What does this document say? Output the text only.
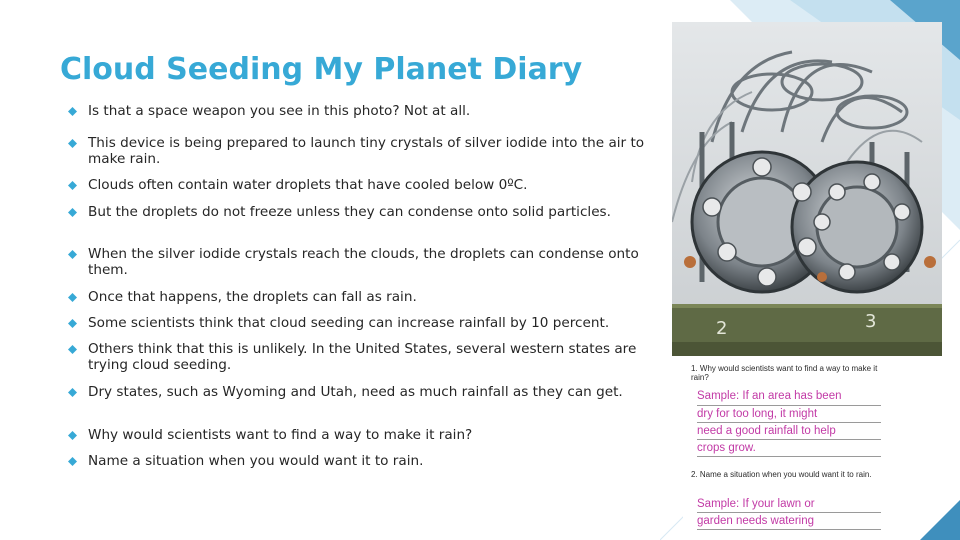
Cloud Seeding My Planet Diary
Is that a space weapon you see in this photo? Not at all.
This device is being prepared to launch tiny crystals of silver iodide into the air to make rain.
Clouds often contain water droplets that have cooled below 0ºC.
But the droplets do not freeze unless they can condense onto solid particles.
When the silver iodide crystals reach the clouds, the droplets can condense onto them.
Once that happens, the droplets can fall as rain.
Some scientists think that cloud seeding can increase rainfall by 10 percent.
Others think that this is unlikely. In the United States, several western states are trying cloud seeding.
Dry states, such as Wyoming and Utah, need as much rainfall as they can get.
Why would scientists want to find a way to make it rain?
Name a situation when you would want it to rain.
2	3
1. Why would scientists want to find a way to make it rain?
Sample: If an area has been
dry for too long, it might
need a good rainfall to help
crops grow.
2. Name a situation when you would want it to rain.
Sample: If your lawn or
garden needs watering
